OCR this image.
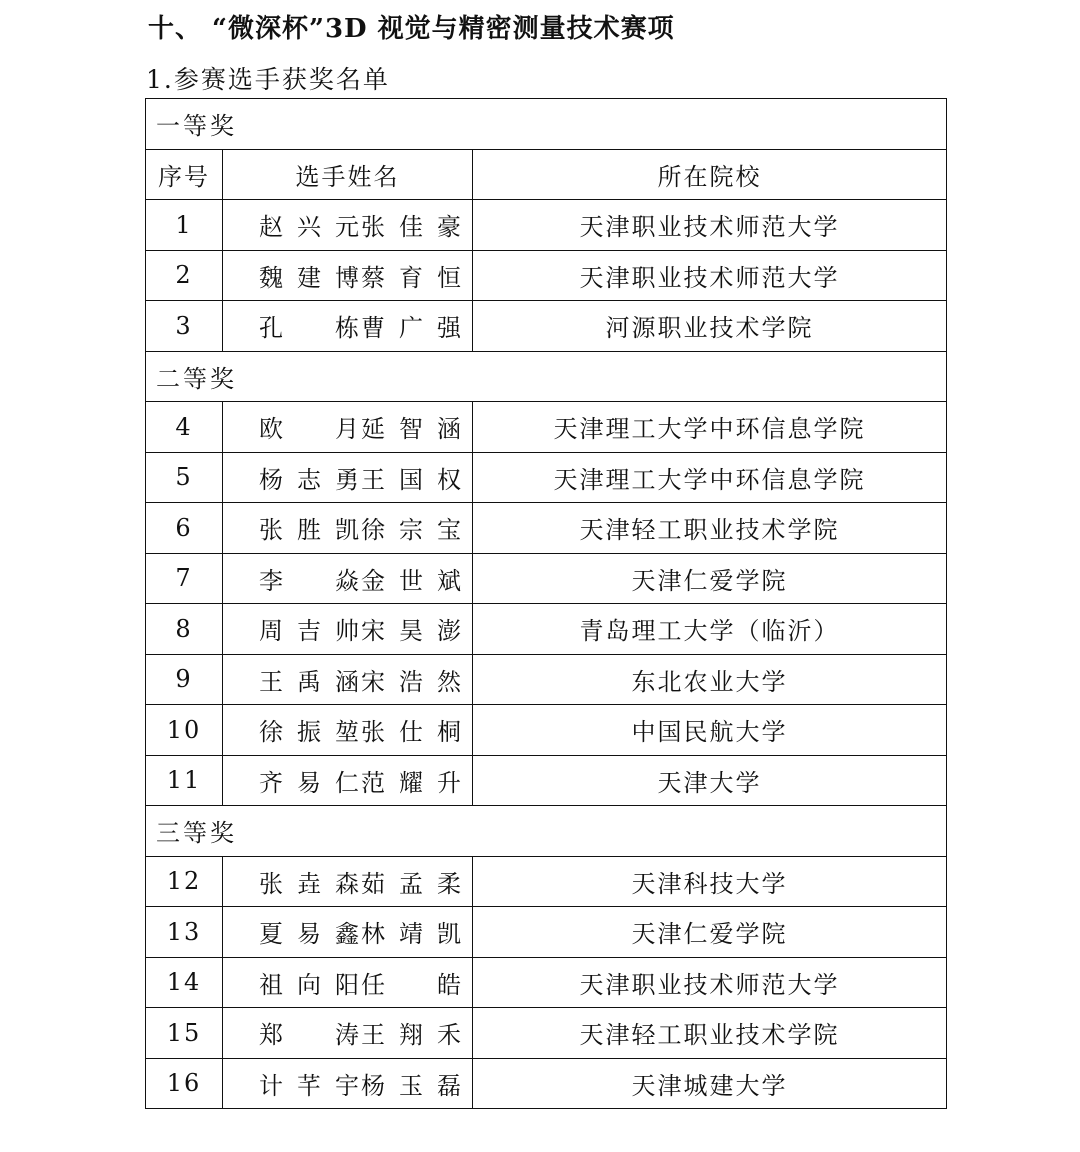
十、 “微深杯”3D 视觉与精密测量技术赛项
1.参赛选手获奖名单
一等奖		
序号	选手姓名	所在院校
1	赵兴元张佳豪	天津职业技术师范大学
2	魏建博蔡育恒	天津职业技术师范大学
3	孔栋曹广强	河源职业技术学院
二等奖		
4	欧月延智涵	天津理工大学中环信息学院
5	杨志勇王国权	天津理工大学中环信息学院
6	张胜凯徐宗宝	天津轻工职业技术学院
7	李焱金世斌	天津仁爱学院
8	周吉帅宋昊澎	青岛理工大学（临沂）
9	王禹涵宋浩然	东北农业大学
10	徐振堃张仕桐	中国民航大学
11	齐易仁范耀升	天津大学
三等奖		
12	张垚森茹孟柔	天津科技大学
13	夏易鑫林靖凯	天津仁爱学院
14	祖向阳任皓	天津职业技术师范大学
15	郑涛王翔禾	天津轻工职业技术学院
16	计芊宇杨玉磊	天津城建大学
